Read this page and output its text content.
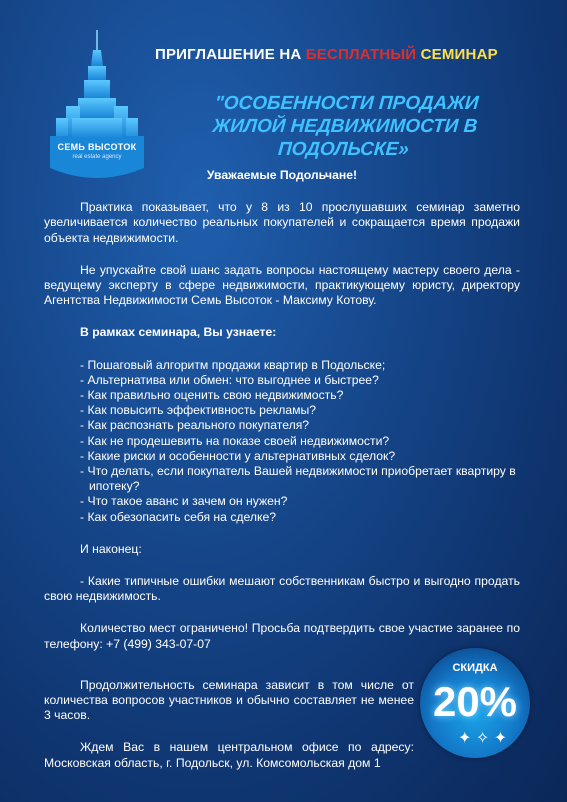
СЕМЬ ВЫСОТОК
real estate agency
ПРИГЛАШЕНИЕ НА БЕСПЛАТНЫЙ СЕМИНАР
"ОСОБЕННОСТИ ПРОДАЖИ
ЖИЛОЙ НЕДВИЖИМОСТИ В ПОДОЛЬСКЕ»
Уважаемые Подольчане!

Практика показывает, что у 8 из 10 прослушавших семинар заметно увеличивается количество реальных покупателей и сокращается время продажи объекта недвижимости.

Не упускайте свой шанс задать вопросы настоящему мастеру своего дела - ведущему эксперту в сфере недвижимости, практикующему юристу, директору Агентства Недвижимости Семь Высоток - Максиму Котову.

В рамках семинара, Вы узнаете:
- Пошаговый алгоритм продажи квартир в Подольске;
- Альтернатива или обмен: что выгоднее и быстрее?
- Как правильно оценить свою недвижимость?
- Как повысить эффективность рекламы?
- Как распознать реального покупателя?
- Как не продешевить на показе своей недвижимости?
- Какие риски и особенности у альтернативных сделок?
- Что делать, если покупатель Вашей недвижимости приобретает квартиру в ипотеку?
- Что такое аванс и зачем он нужен?
- Как обезопасить себя на сделке?
И наконец:

- Какие типичные ошибки мешают собственникам быстро и выгодно продать свою недвижимость.

Количество мест ограничено! Просьба подтвердить свое участие заранее по телефону: +7 (499) 343-07-07

Продолжительность семинара зависит в том числе от количества вопросов участников и обычно составляет не менее 3 часов.

Ждем Вас в нашем центральном офисе по адресу: Московская область, г. Подольск, ул. Комсомольская дом 1

СКИДКА
20%
✦ ✧ ✦
